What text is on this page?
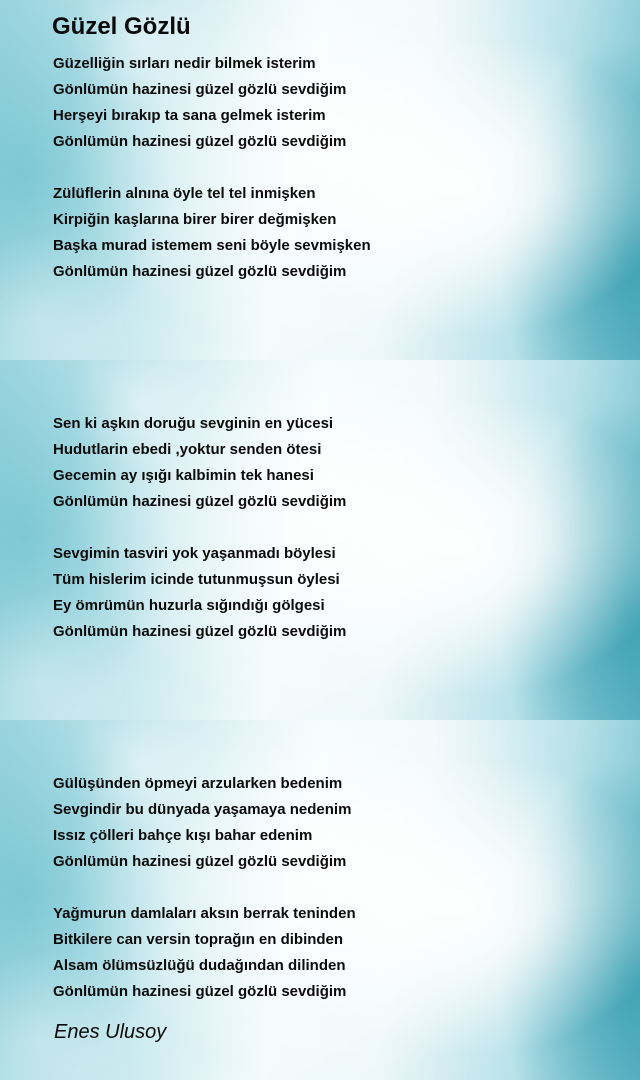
Güzel Gözlü
Güzelliğin sırları nedir bilmek isterim
Gönlümün hazinesi güzel gözlü sevdiğim
Herşeyi bırakıp ta sana gelmek isterim
Gönlümün hazinesi güzel gözlü sevdiğim
Zülüflerin alnına öyle tel tel inmişken
Kirpiğin kaşlarına birer birer değmişken
Başka murad istemem seni böyle sevmişken
Gönlümün hazinesi güzel gözlü sevdiğim
Sen ki aşkın doruğu sevginin en yücesi
Hudutlarin ebedi ,yoktur senden ötesi
Gecemin ay ışığı kalbimin tek hanesi
Gönlümün hazinesi güzel gözlü sevdiğim
Sevgimin tasviri yok yaşanmadı böylesi
Tüm hislerim icinde tutunmuşsun öylesi
Ey ömrümün huzurla sığındığı gölgesi
Gönlümün hazinesi güzel gözlü sevdiğim
Gülüşünden öpmeyi arzularken bedenim
Sevgindir bu dünyada yaşamaya nedenim
Issız çölleri bahçe kışı bahar edenim
Gönlümün hazinesi güzel gözlü sevdiğim
Yağmurun damlaları aksın berrak teninden
Bitkilere can versin toprağın en dibinden
Alsam ölümsüzlüğü dudağından dilinden
Gönlümün hazinesi güzel gözlü sevdiğim
Enes Ulusoy
